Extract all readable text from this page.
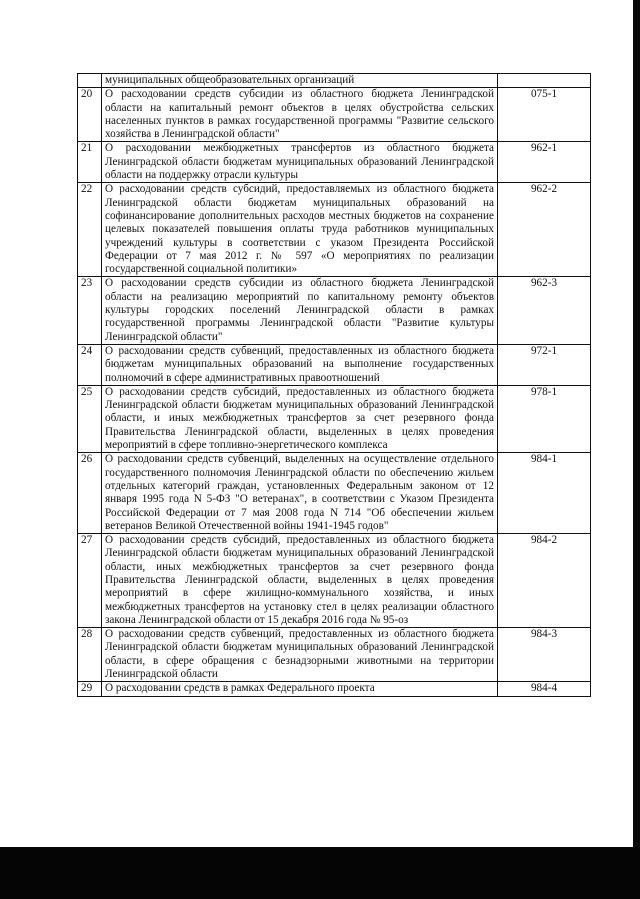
	муниципальных общеобразовательных организаций	
20	О расходовании средств субсидии из областного бюджета Ленинградской области на капитальный ремонт объектов в целях обустройства сельских населенных пунктов в рамках государственной программы "Развитие сельского хозяйства в Ленинградской области"	075-1
21	О расходовании межбюджетных трансфертов из областного бюджета Ленинградской области бюджетам муниципальных образований Ленинградской области на поддержку отрасли культуры	962-1
22	О расходовании средств субсидий, предоставляемых из областного бюджета Ленинградской области бюджетам муниципальных образований на софинансирование дополнительных расходов местных бюджетов на сохранение целевых показателей повышения оплаты труда работников муниципальных учреждений культуры в соответствии с указом Президента Российской Федерации от 7 мая 2012 г. № 597 «О мероприятиях по реализации государственной социальной политики»	962-2
23	О расходовании средств субсидии из областного бюджета Ленинградской области на реализацию мероприятий по капитальному ремонту объектов культуры городских поселений Ленинградской области в рамках государственной программы Ленинградской области "Развитие культуры Ленинградской области"	962-3
24	О расходовании средств субвенций, предоставленных из областного бюджета бюджетам муниципальных образований на выполнение государственных полномочий в сфере административных правоотношений	972-1
25	О расходовании средств субсидий, предоставленных из областного бюджета Ленинградской области бюджетам муниципальных образований Ленинградской области, и иных межбюджетных трансфертов за счет резервного фонда Правительства Ленинградской области, выделенных в целях проведения мероприятий в сфере топливно-энергетического комплекса	978-1
26	О расходовании средств субвенций, выделенных на осуществление отдельного государственного полномочия Ленинградской области по обеспечению жильем отдельных категорий граждан, установленных Федеральным законом от 12 января 1995 года N 5-ФЗ "О ветеранах", в соответствии с Указом Президента Российской Федерации от 7 мая 2008 года N 714 "Об обеспечении жильем ветеранов Великой Отечественной войны 1941-1945 годов"	984-1
27	О расходовании средств субсидий, предоставленных из областного бюджета Ленинградской области бюджетам муниципальных образований Ленинградской области, иных межбюджетных трансфертов за счет резервного фонда Правительства Ленинградской области, выделенных в целях проведения мероприятий в сфере жилищно-коммунального хозяйства, и иных межбюджетных трансфертов на установку стел в целях реализации областного закона Ленинградской области от 15 декабря 2016 года № 95-оз	984-2
28	О расходовании средств субвенций, предоставленных из областного бюджета Ленинградской области бюджетам муниципальных образований Ленинградской области, в сфере обращения с безнадзорными животными на территории Ленинградской области	984-3
29	О расходовании средств в рамках Федерального проекта	984-4
